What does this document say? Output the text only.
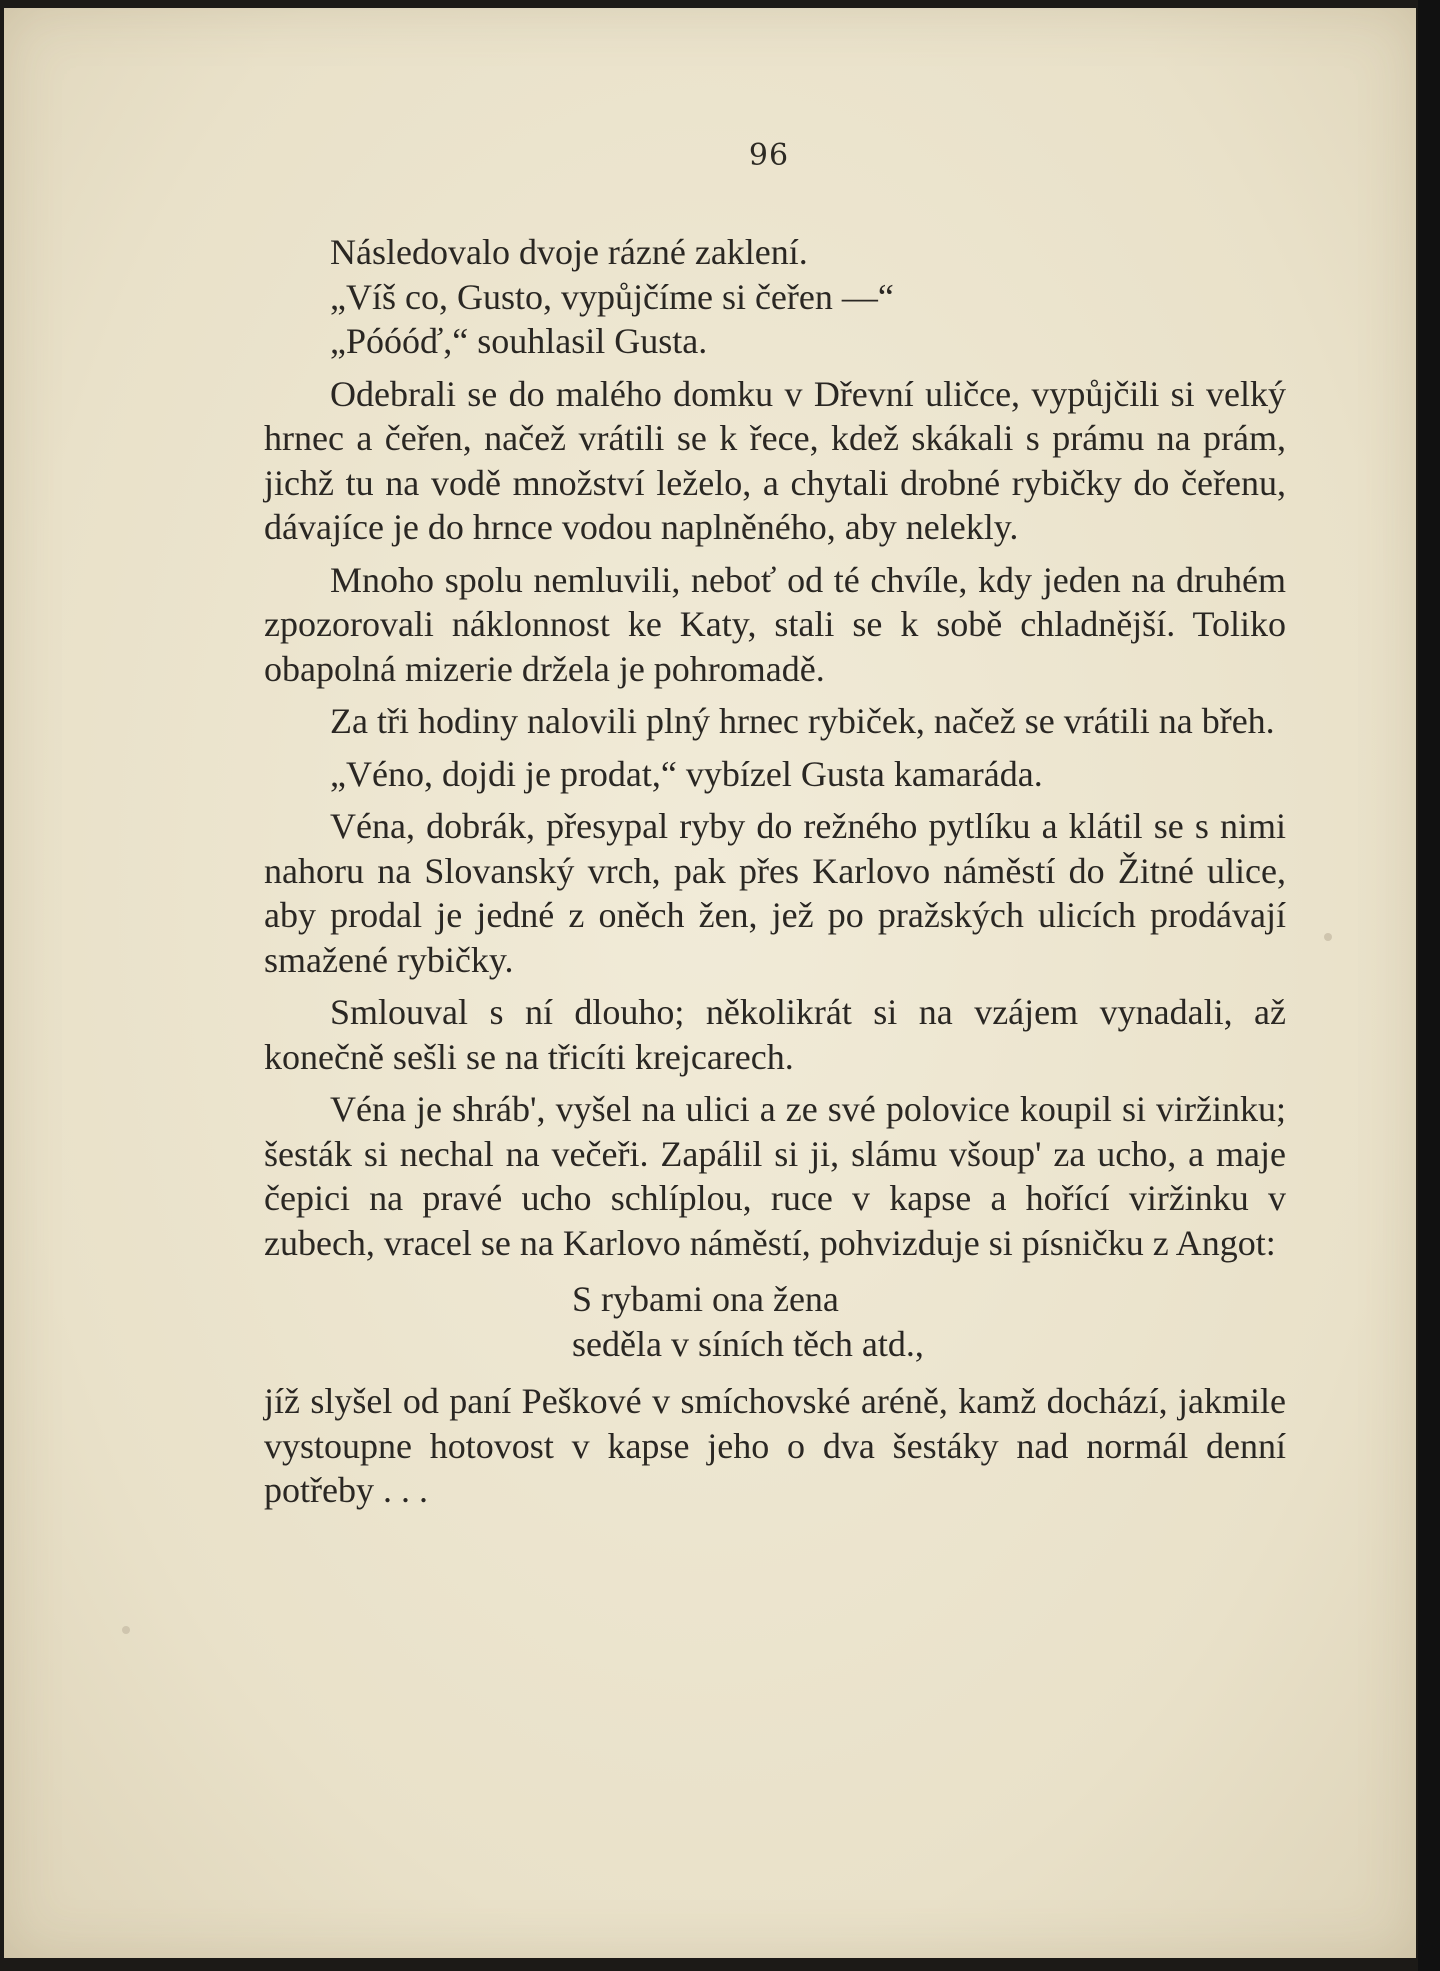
96

Následovalo dvoje rázné zaklení.

„Víš co, Gusto, vypůjčíme si čeřen —“

„Póóóď,“ souhlasil Gusta.

Odebrali se do malého domku v Dřevní uličce, vypůjčili si velký hrnec a čeřen, načež vrátili se k řece, kdež skákali s prámu na prám, jichž tu na vodě množství leželo, a chytali drobné rybičky do čeřenu, dávajíce je do hrnce vodou naplněného, aby nelekly.

Mnoho spolu nemluvili, neboť od té chvíle, kdy jeden na druhém zpozorovali náklonnost ke Katy, stali se k sobě chladnější. Toliko obapolná mizerie držela je pohromadě.

Za tři hodiny nalovili plný hrnec rybiček, načež se vrátili na břeh.

„Véno, dojdi je prodat,“ vybízel Gusta kamaráda.

Véna, dobrák, přesypal ryby do režného pytlíku a klátil se s nimi nahoru na Slovanský vrch, pak přes Karlovo náměstí do Žitné ulice, aby prodal je jedné z oněch žen, jež po pražských ulicích prodávají smažené rybičky.

Smlouval s ní dlouho; několikrát si na vzájem vynadali, až konečně sešli se na třicíti krejcarech.

Véna je shráb', vyšel na ulici a ze své polovice koupil si viržinku; šesták si nechal na večeři. Zapálil si ji, slámu všoup' za ucho, a maje čepici na pravé ucho schlíplou, ruce v kapse a hořící viržinku v zubech, vracel se na Karlovo náměstí, pohvizduje si písničku z Angot:

S rybami ona žena
seděla v síních těch atd.,

jíž slyšel od paní Peškové v smíchovské aréně, kamž dochází, jakmile vystoupne hotovost v kapse jeho o dva šestáky nad normál denní potřeby . . .
